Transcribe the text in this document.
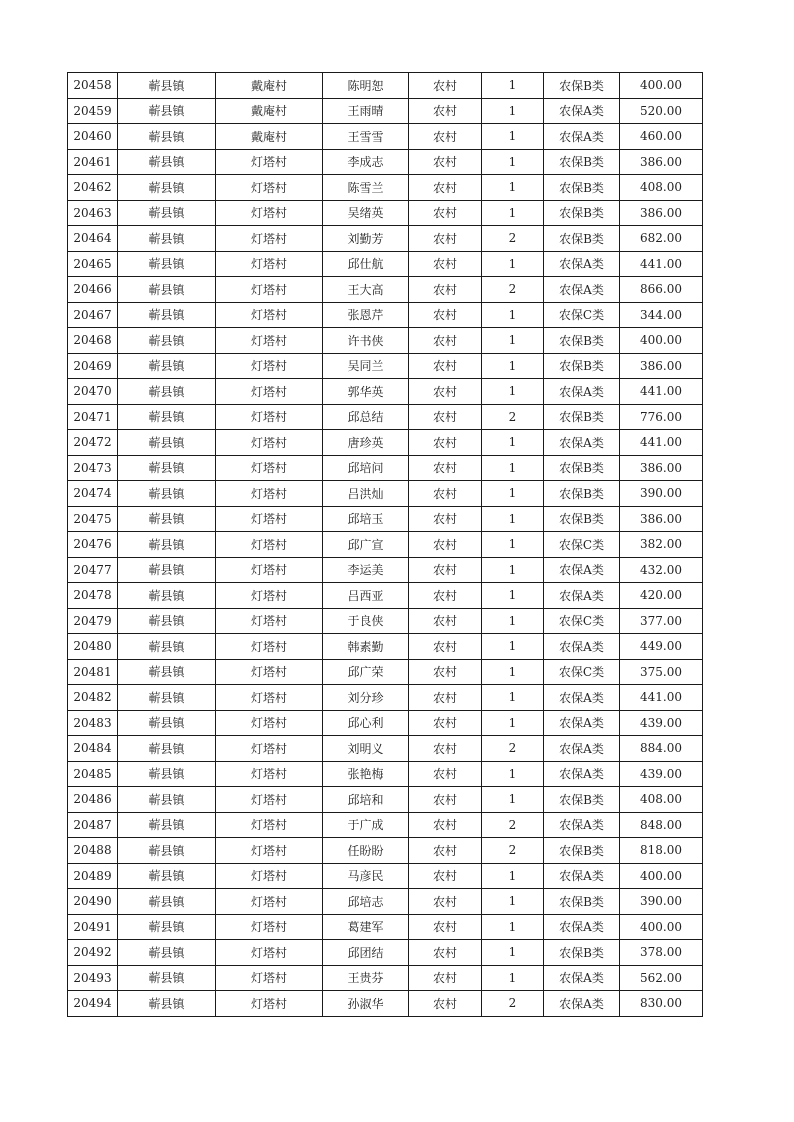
20458	蕲县镇	戴庵村	陈明恕	农村	1	农保B类	400.00
20459	蕲县镇	戴庵村	王雨晴	农村	1	农保A类	520.00
20460	蕲县镇	戴庵村	王雪雪	农村	1	农保A类	460.00
20461	蕲县镇	灯塔村	李成志	农村	1	农保B类	386.00
20462	蕲县镇	灯塔村	陈雪兰	农村	1	农保B类	408.00
20463	蕲县镇	灯塔村	吴绪英	农村	1	农保B类	386.00
20464	蕲县镇	灯塔村	刘勤芳	农村	2	农保B类	682.00
20465	蕲县镇	灯塔村	邱仕航	农村	1	农保A类	441.00
20466	蕲县镇	灯塔村	王大高	农村	2	农保A类	866.00
20467	蕲县镇	灯塔村	张恩芹	农村	1	农保C类	344.00
20468	蕲县镇	灯塔村	许书侠	农村	1	农保B类	400.00
20469	蕲县镇	灯塔村	吴同兰	农村	1	农保B类	386.00
20470	蕲县镇	灯塔村	郭华英	农村	1	农保A类	441.00
20471	蕲县镇	灯塔村	邱总结	农村	2	农保B类	776.00
20472	蕲县镇	灯塔村	唐珍英	农村	1	农保A类	441.00
20473	蕲县镇	灯塔村	邱培问	农村	1	农保B类	386.00
20474	蕲县镇	灯塔村	吕洪灿	农村	1	农保B类	390.00
20475	蕲县镇	灯塔村	邱培玉	农村	1	农保B类	386.00
20476	蕲县镇	灯塔村	邱广宣	农村	1	农保C类	382.00
20477	蕲县镇	灯塔村	李运美	农村	1	农保A类	432.00
20478	蕲县镇	灯塔村	吕西亚	农村	1	农保A类	420.00
20479	蕲县镇	灯塔村	于良侠	农村	1	农保C类	377.00
20480	蕲县镇	灯塔村	韩素勤	农村	1	农保A类	449.00
20481	蕲县镇	灯塔村	邱广荣	农村	1	农保C类	375.00
20482	蕲县镇	灯塔村	刘分珍	农村	1	农保A类	441.00
20483	蕲县镇	灯塔村	邱心利	农村	1	农保A类	439.00
20484	蕲县镇	灯塔村	刘明义	农村	2	农保A类	884.00
20485	蕲县镇	灯塔村	张艳梅	农村	1	农保A类	439.00
20486	蕲县镇	灯塔村	邱培和	农村	1	农保B类	408.00
20487	蕲县镇	灯塔村	于广成	农村	2	农保A类	848.00
20488	蕲县镇	灯塔村	任盼盼	农村	2	农保B类	818.00
20489	蕲县镇	灯塔村	马彦民	农村	1	农保A类	400.00
20490	蕲县镇	灯塔村	邱培志	农村	1	农保B类	390.00
20491	蕲县镇	灯塔村	葛建军	农村	1	农保A类	400.00
20492	蕲县镇	灯塔村	邱团结	农村	1	农保B类	378.00
20493	蕲县镇	灯塔村	王贵芬	农村	1	农保A类	562.00
20494	蕲县镇	灯塔村	孙淑华	农村	2	农保A类	830.00
